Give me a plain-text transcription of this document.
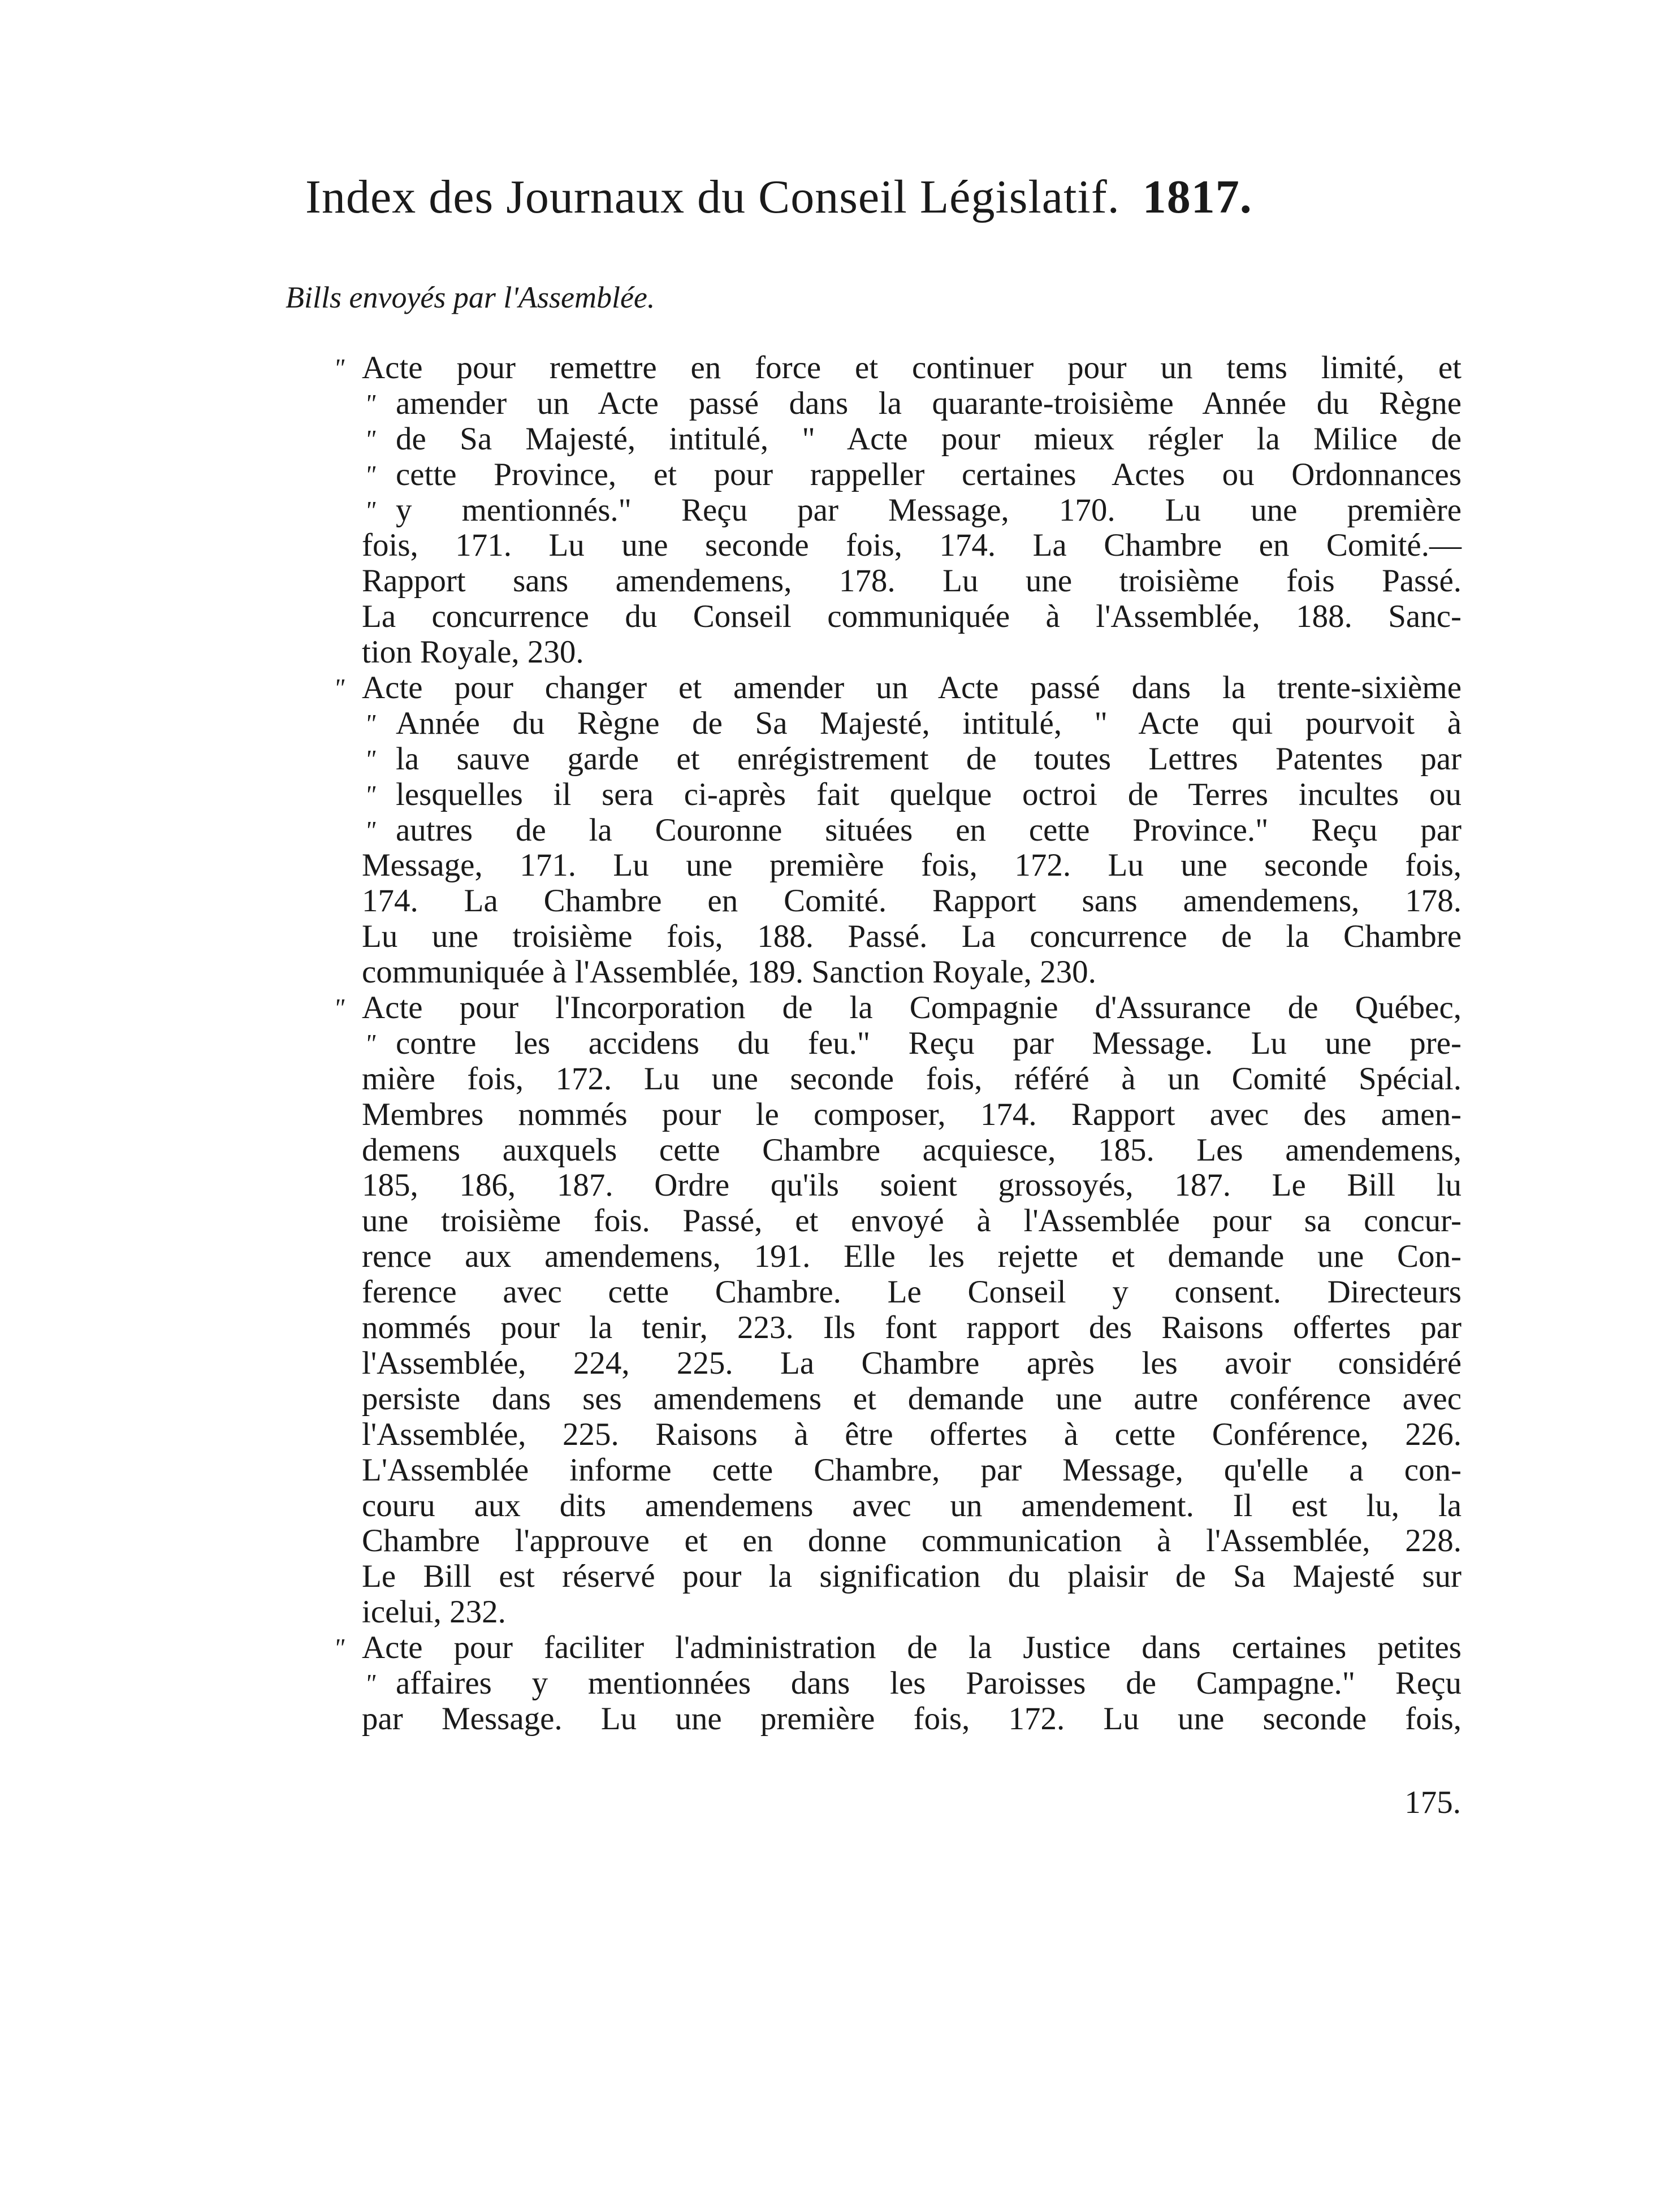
Index des Journaux du Conseil Législatif. 1817.
Bills envoyés par l'Assemblée.
" Acte pour remettre en force et continuer pour un tems limité, et
" amender un Acte passé dans la quarante-troisième Année du Règne
" de Sa Majesté, intitulé, " Acte pour mieux régler la Milice de
" cette Province, et pour rappeller certaines Actes ou Ordonnances
" y mentionnés." Reçu par Message, 170. Lu une première
fois, 171. Lu une seconde fois, 174. La Chambre en Comité.—
Rapport sans amendemens, 178. Lu une troisième fois Passé.
La concurrence du Conseil communiquée à l'Assemblée, 188. Sanc-
tion Royale, 230.
" Acte pour changer et amender un Acte passé dans la trente-sixième
" Année du Règne de Sa Majesté, intitulé, " Acte qui pourvoit à
" la sauve garde et enrégistrement de toutes Lettres Patentes par
" lesquelles il sera ci-après fait quelque octroi de Terres incultes ou
" autres de la Couronne situées en cette Province." Reçu par
Message, 171. Lu une première fois, 172. Lu une seconde fois,
174. La Chambre en Comité. Rapport sans amendemens, 178.
Lu une troisième fois, 188. Passé. La concurrence de la Chambre
communiquée à l'Assemblée, 189. Sanction Royale, 230.
" Acte pour l'Incorporation de la Compagnie d'Assurance de Québec,
" contre les accidens du feu." Reçu par Message. Lu une pre-
mière fois, 172. Lu une seconde fois, référé à un Comité Spécial.
Membres nommés pour le composer, 174. Rapport avec des amen-
demens auxquels cette Chambre acquiesce, 185. Les amendemens,
185, 186, 187. Ordre qu'ils soient grossoyés, 187. Le Bill lu
une troisième fois. Passé, et envoyé à l'Assemblée pour sa concur-
rence aux amendemens, 191. Elle les rejette et demande une Con-
ference avec cette Chambre. Le Conseil y consent. Directeurs
nommés pour la tenir, 223. Ils font rapport des Raisons offertes par
l'Assemblée, 224, 225. La Chambre après les avoir considéré
persiste dans ses amendemens et demande une autre conférence avec
l'Assemblée, 225. Raisons à être offertes à cette Conférence, 226.
L'Assemblée informe cette Chambre, par Message, qu'elle a con-
couru aux dits amendemens avec un amendement. Il est lu, la
Chambre l'approuve et en donne communication à l'Assemblée, 228.
Le Bill est réservé pour la signification du plaisir de Sa Majesté sur
icelui, 232.
" Acte pour faciliter l'administration de la Justice dans certaines petites
" affaires y mentionnées dans les Paroisses de Campagne." Reçu
par Message. Lu une première fois, 172. Lu une seconde fois,
175.
